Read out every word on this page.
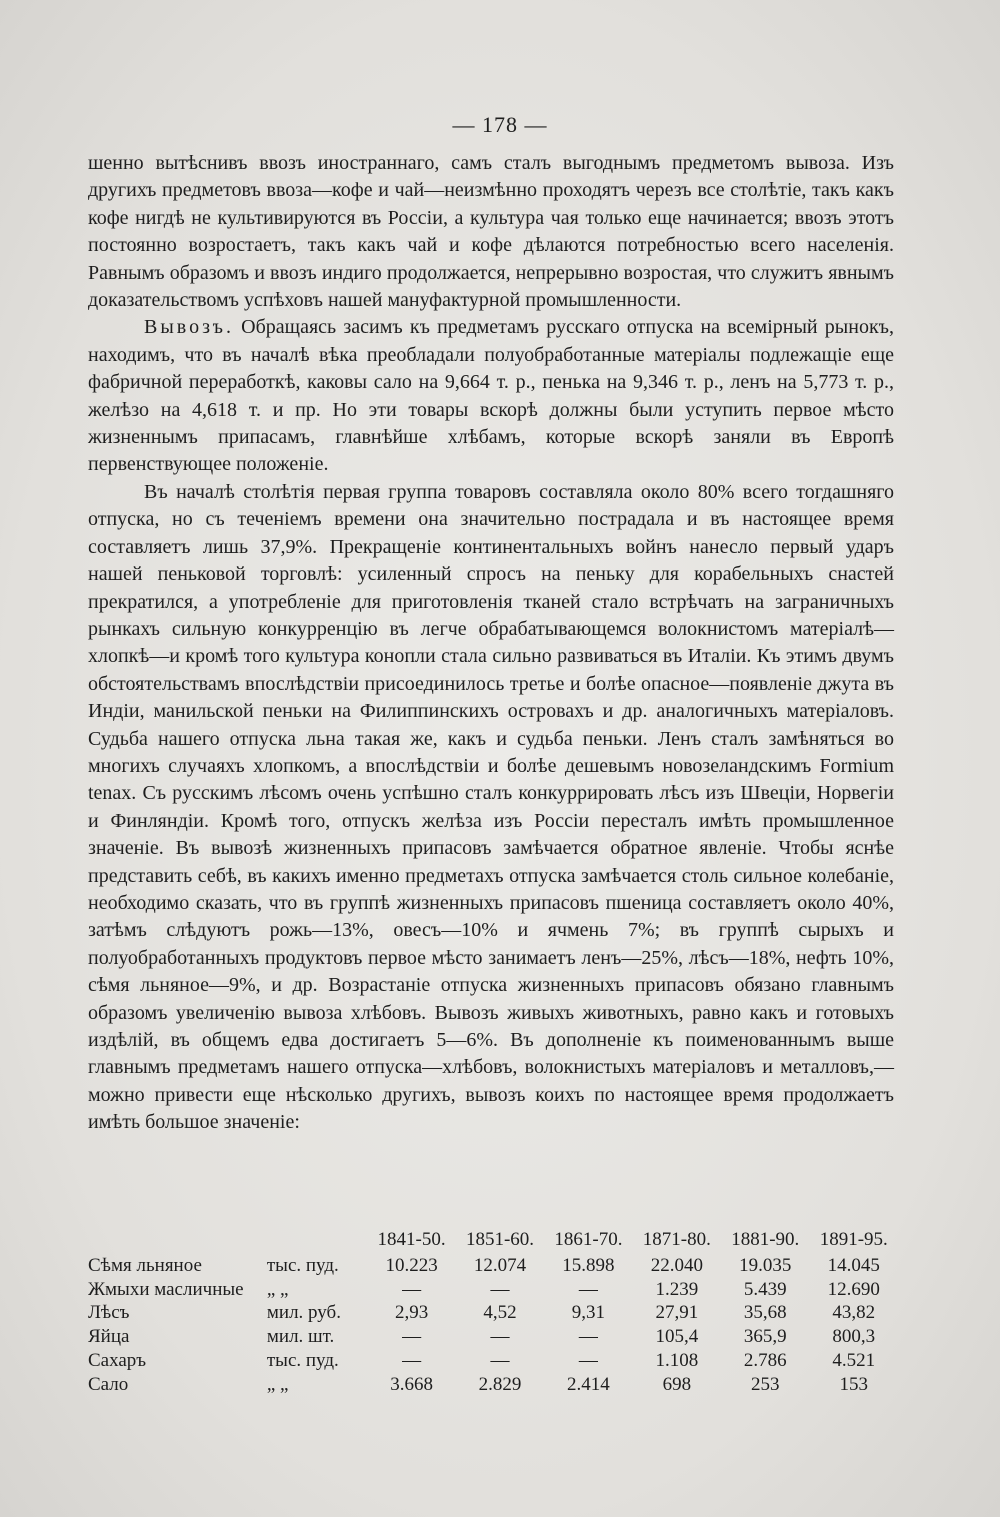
— 178 —

шенно вытѣснивъ ввозъ иностраннаго, самъ сталъ выгоднымъ предметомъ вывоза. Изъ другихъ предметовъ ввоза—кофе и чай—неизмѣнно проходятъ черезъ все столѣтіе, такъ какъ кофе нигдѣ не культивируются въ Россіи, а культура чая только еще начинается; ввозъ этотъ постоянно возростаетъ, такъ какъ чай и кофе дѣлаются потребностью всего населенія. Равнымъ образомъ и ввозъ индиго продолжается, непрерывно возростая, что служитъ явнымъ доказательствомъ успѣховъ нашей мануфактурной промышленности.

Вывозъ. Обращаясь засимъ къ предметамъ русскаго отпуска на всемірный рынокъ, находимъ, что въ началѣ вѣка преобладали полуобработанные матеріалы подлежащіе еще фабричной переработкѣ, каковы сало на 9,664 т. р., пенька на 9,346 т. р., ленъ на 5,773 т. р., желѣзо на 4,618 т. и пр. Но эти товары вскорѣ должны были уступить первое мѣсто жизненнымъ припасамъ, главнѣйше хлѣбамъ, которые вскорѣ заняли въ Европѣ первенствующее положеніе.

Въ началѣ столѣтія первая группа товаровъ составляла около 80% всего тогдашняго отпуска, но съ теченіемъ времени она значительно пострадала и въ настоящее время составляетъ лишь 37,9%. Прекращеніе континентальныхъ войнъ нанесло первый ударъ нашей пеньковой торговлѣ: усиленный спросъ на пеньку для корабельныхъ снастей прекратился, а употребленіе для приготовленія тканей стало встрѣчать на заграничныхъ рынкахъ сильную конкурренцію въ легче обрабатывающемся волокнистомъ матеріалѣ—хлопкѣ—и кромѣ того культура конопли стала сильно развиваться въ Италіи. Къ этимъ двумъ обстоятельствамъ впослѣдствіи присоединилось третье и болѣе опасное—появленіе джута въ Индіи, манильской пеньки на Филиппинскихъ островахъ и др. аналогичныхъ матеріаловъ. Судьба нашего отпуска льна такая же, какъ и судьба пеньки. Ленъ сталъ замѣняться во многихъ случаяхъ хлопкомъ, а впослѣдствіи и болѣе дешевымъ новозеландскимъ Formium tenax. Съ русскимъ лѣсомъ очень успѣшно сталъ конкуррировать лѣсъ изъ Швеціи, Норвегіи и Финляндіи. Кромѣ того, отпускъ желѣза изъ Россіи пересталъ имѣть промышленное значеніе. Въ вывозѣ жизненныхъ припасовъ замѣчается обратное явленіе. Чтобы яснѣе представить себѣ, въ какихъ именно предметахъ отпуска замѣчается столь сильное колебаніе, необходимо сказать, что въ группѣ жизненныхъ припасовъ пшеница составляетъ около 40%, затѣмъ слѣдуютъ рожь—13%, овесъ—10% и ячмень 7%; въ группѣ сырыхъ и полуобработанныхъ продуктовъ первое мѣсто занимаетъ ленъ—25%, лѣсъ—18%, нефть 10%, сѣмя льняное—9%, и др. Возрастаніе отпуска жизненныхъ припасовъ обязано главнымъ образомъ увеличенію вывоза хлѣбовъ. Вывозъ живыхъ животныхъ, равно какъ и готовыхъ издѣлій, въ общемъ едва достигаетъ 5—6%. Въ дополненіе къ поименованнымъ выше главнымъ предметамъ нашего отпуска—хлѣбовъ, волокнистыхъ матеріаловъ и металловъ,—можно привести еще нѣсколько другихъ, вывозъ коихъ по настоящее время продолжаетъ имѣть большое значеніе:

		1841-50.	1851-60.	1861-70.	1871-80.	1881-90.	1891-95.
Сѣмя льняное	тыс. пуд.	10.223	12.074	15.898	22.040	19.035	14.045
Жмыхи масличные	„ „	—	—	—	1.239	5.439	12.690
Лѣсъ	мил. руб.	2,93	4,52	9,31	27,91	35,68	43,82
Яйца	мил. шт.	—	—	—	105,4	365,9	800,3
Сахаръ	тыс. пуд.	—	—	—	1.108	2.786	4.521
Сало	„ „	3.668	2.829	2.414	698	253	153
